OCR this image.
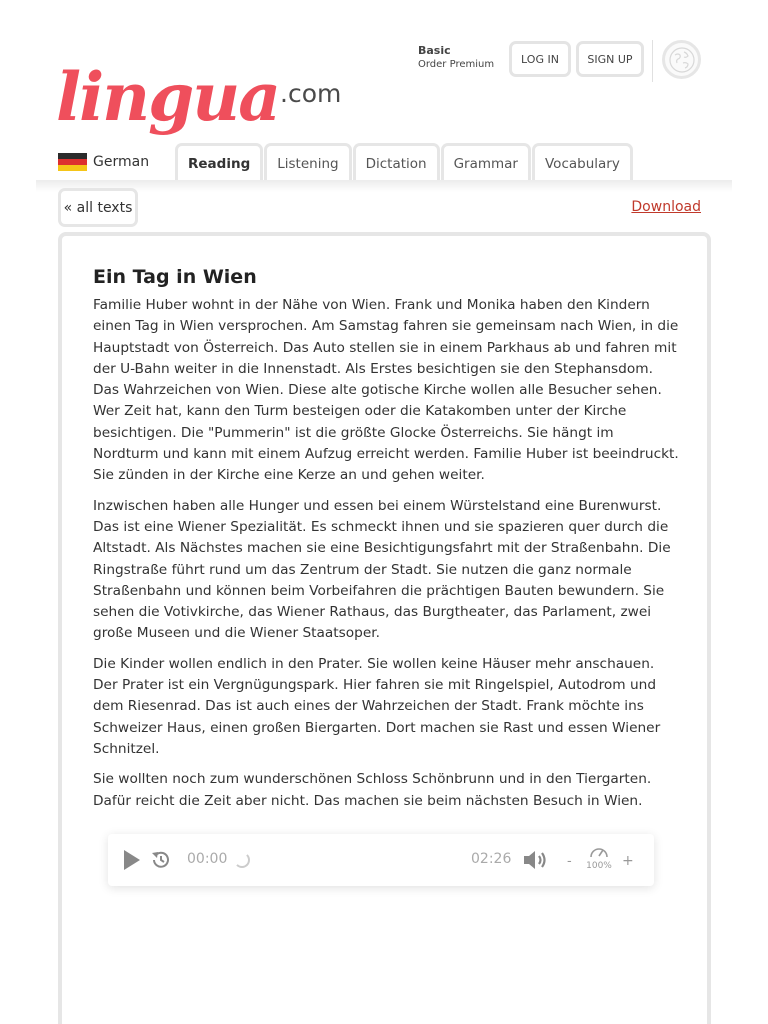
lingua .com
Basic
Order Premium	LOG IN	SIGN UP
German	Reading	Listening	Dictation	Grammar	Vocabulary
« all texts	Download
Ein Tag in Wien

Familie Huber wohnt in der Nähe von Wien. Frank und Monika haben den Kindern einen Tag in Wien versprochen. Am Samstag fahren sie gemeinsam nach Wien, in die Hauptstadt von Österreich. Das Auto stellen sie in einem Parkhaus ab und fahren mit der U-Bahn weiter in die Innenstadt. Als Erstes besichtigen sie den Stephansdom. Das Wahrzeichen von Wien. Diese alte gotische Kirche wollen alle Besucher sehen. Wer Zeit hat, kann den Turm besteigen oder die Katakomben unter der Kirche besichtigen. Die "Pummerin" ist die größte Glocke Österreichs. Sie hängt im Nordturm und kann mit einem Aufzug erreicht werden. Familie Huber ist beeindruckt. Sie zünden in der Kirche eine Kerze an und gehen weiter.

Inzwischen haben alle Hunger und essen bei einem Würstelstand eine Burenwurst. Das ist eine Wiener Spezialität. Es schmeckt ihnen und sie spazieren quer durch die Altstadt. Als Nächstes machen sie eine Besichtigungsfahrt mit der Straßenbahn. Die Ringstraße führt rund um das Zentrum der Stadt. Sie nutzen die ganz normale Straßenbahn und können beim Vorbeifahren die prächtigen Bauten bewundern. Sie sehen die Votivkirche, das Wiener Rathaus, das Burgtheater, das Parlament, zwei große Museen und die Wiener Staatsoper.

Die Kinder wollen endlich in den Prater. Sie wollen keine Häuser mehr anschauen. Der Prater ist ein Vergnügungspark. Hier fahren sie mit Ringelspiel, Autodrom und dem Riesenrad. Das ist auch eines der Wahrzeichen der Stadt. Frank möchte ins Schweizer Haus, einen großen Biergarten. Dort machen sie Rast und essen Wiener Schnitzel.

Sie wollten noch zum wunderschönen Schloss Schönbrunn und in den Tiergarten. Dafür reicht die Zeit aber nicht. Das machen sie beim nächsten Besuch in Wien.

00:00	02:26	- 100% +
